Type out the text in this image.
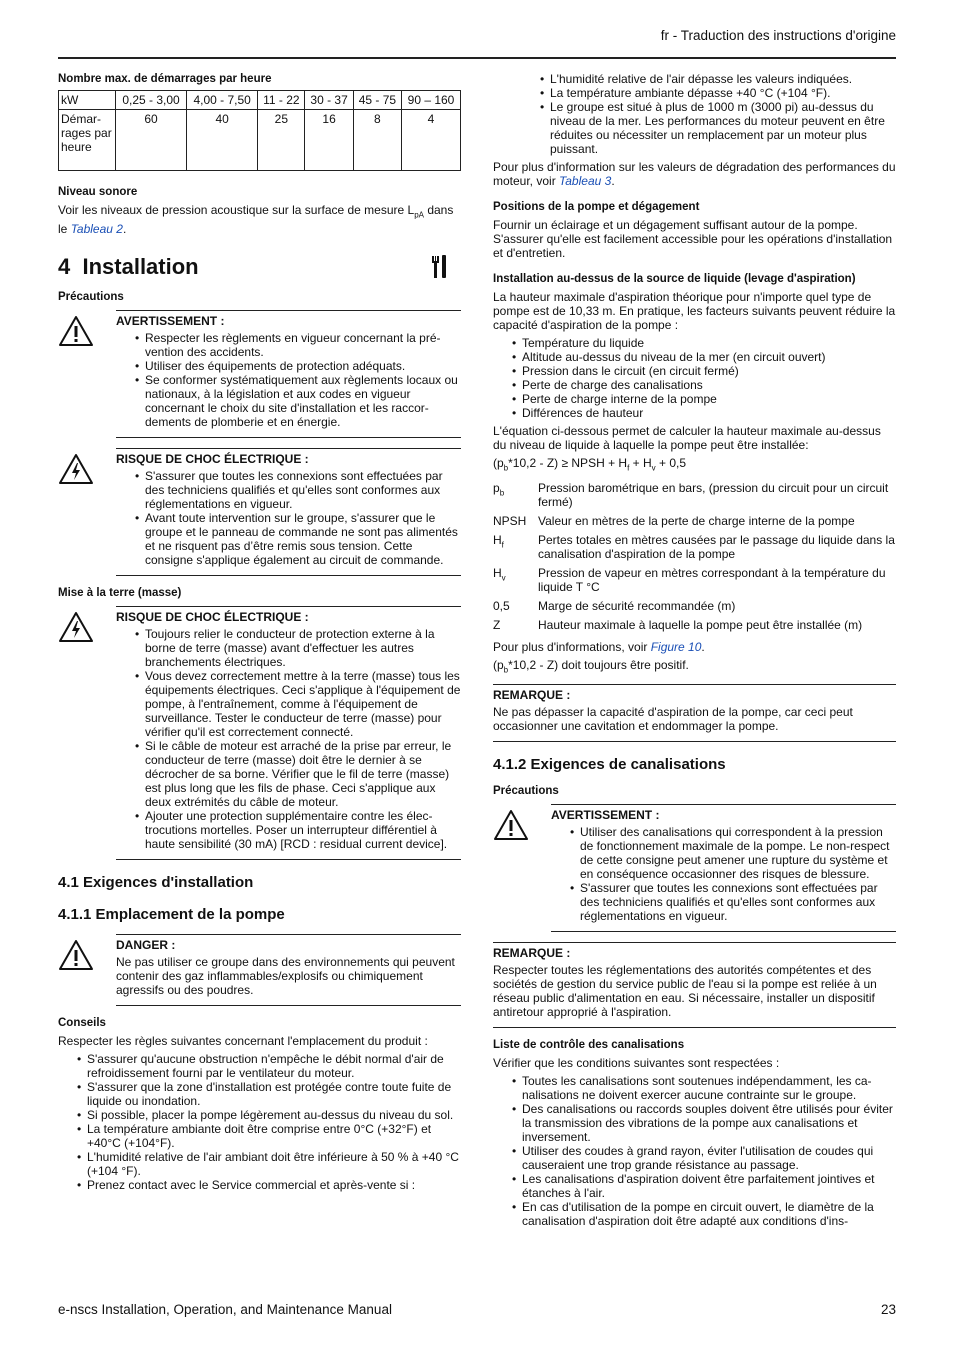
fr - Traduction des instructions d'origine
Nombre max. de démarrages par heure
kW	0,25 - 3,00	4,00 - 7,50	11 - 22	30 - 37	45 - 75	90 – 160
Démarrages par heure	60	40	25	16	8	4
Niveau sonore

Voir les niveaux de pression acoustique sur la surface de mesure $L_{pA}$ dans le Tableau 2.

4 Installation
Précautions
AVERTISSEMENT :
• Respecter les règlements en vigueur concernant la prévention des accidents.
• Utiliser des équipements de protection adéquats.
• Se conformer systématiquement aux règlements locaux ou nationaux, à la législation et aux codes en vigueur concernant le choix du site d'installation et les raccordements de plomberie et en énergie.
RISQUE DE CHOC ÉLECTRIQUE :
• S'assurer que toutes les connexions sont effectuées par des techniciens qualifiés et qu'elles sont conformes aux réglementations en vigueur.
• Avant toute intervention sur le groupe, s'assurer que le groupe et le panneau de commande ne sont pas alimentés et ne risquent pas d’être remis sous tension. Cette consigne s'applique également au circuit de commande.
Mise à la terre (masse)
RISQUE DE CHOC ÉLECTRIQUE :
• Toujours relier le conducteur de protection externe à la borne de terre (masse) avant d'effectuer les autres branchements électriques.
• Vous devez correctement mettre à la terre (masse) tous les équipements électriques. Ceci s'applique à l'équipement de pompe, à l'entraînement, comme à l'équipement de surveillance. Tester le conducteur de terre (masse) pour vérifier qu'il est correctement connecté.
• Si le câble de moteur est arraché de la prise par erreur, le conducteur de terre (masse) doit être le dernier à se décrocher de sa borne. Vérifier que le fil de terre (masse) est plus long que les fils de phase. Ceci s'applique aux deux extrémités du câble de moteur.
• Ajouter une protection supplémentaire contre les électrocutions mortelles. Poser un interrupteur différentiel à haute sensibilité (30 mA) [RCD : residual current device].
4.1 Exigences d'installation
4.1.1 Emplacement de la pompe
DANGER :

Ne pas utiliser ce groupe dans des environnements qui peuvent contenir des gaz inflammables/explosifs ou chimiquement agressifs ou des poudres.

Conseils

Respecter les règles suivantes concernant l'emplacement du produit :

• S'assurer qu'aucune obstruction n'empêche le débit normal d'air de refroidissement fourni par le ventilateur du moteur.
• S'assurer que la zone d'installation est protégée contre toute fuite de liquide ou inondation.
• Si possible, placer la pompe légèrement au-dessus du niveau du sol.
• La température ambiante doit être comprise entre 0°C (+32°F) et +40°C (+104°F).
• L'humidité relative de l'air ambiant doit être inférieure à 50 % à +40 °C (+104 °F).
• Prenez contact avec le Service commercial et après-vente si :
• L'humidité relative de l'air dépasse les valeurs indiquées.
• La température ambiante dépasse +40 °C (+104 °F).
• Le groupe est situé à plus de 1000 m (3000 pi) au-dessus du niveau de la mer. Les performances du moteur peuvent en être réduites ou nécessiter un remplacement par un moteur plus puissant.

Pour plus d'information sur les valeurs de dégradation des performances du moteur, voir Tableau 3.

Positions de la pompe et dégagement

Fournir un éclairage et un dégagement suffisant autour de la pompe. S'assurer qu'elle est facilement accessible pour les opérations d'installation et d'entretien.

Installation au-dessus de la source de liquide (levage d'aspiration)

La hauteur maximale d'aspiration théorique pour n'importe quel type de pompe est de 10,33 m. En pratique, les facteurs suivants peuvent réduire la capacité d'aspiration de la pompe :

• Température du liquide
• Altitude au-dessus du niveau de la mer (en circuit ouvert)
• Pression dans le circuit (en circuit fermé)
• Perte de charge des canalisations
• Perte de charge interne de la pompe
• Différences de hauteur

L'équation ci-dessous permet de calculer la hauteur maximale au-dessus du niveau de liquide à laquelle la pompe peut être installée:

$(p_b*10,2 - Z)$ ≥ NPSH + $H_f + H_v + 0,5$

$p_b$	Pression barométrique en bars, (pression du circuit pour un circuit fermé)
NPSH Valeur en mètres de la perte de charge interne de la pompe
$H_f$	Pertes totales en mètres causées par le passage du liquide dans la canalisation d'aspiration de la pompe
$H_v$	Pression de vapeur en mètres correspondant à la température du liquide T °C
0,5	Marge de sécurité recommandée (m)
Z	Hauteur maximale à laquelle la pompe peut être installée (m)

Pour plus d'informations, voir Figure 10.

$(p_b*10,2 - Z)$ doit toujours être positif.

REMARQUE :

Ne pas dépasser la capacité d'aspiration de la pompe, car ceci peut occasionner une cavitation et endommager la pompe.

4.1.2 Exigences de canalisations
Précautions
AVERTISSEMENT :
• Utiliser des canalisations qui correspondent à la pression de fonctionnement maximale de la pompe. Le non-respect de cette consigne peut amener une rupture du système et en conséquence occasionner des risques de blessure.
• S'assurer que toutes les connexions sont effectuées par des techniciens qualifiés et qu'elles sont conformes aux réglementations en vigueur.
REMARQUE :

Respecter toutes les réglementations des autorités compétentes et des sociétés de gestion du service public de l'eau si la pompe est reliée à un réseau public d'alimentation en eau. Si nécessaire, installer un dispositif antiretour approprié à l'aspiration.

Liste de contrôle des canalisations

Vérifier que les conditions suivantes sont respectées :

• Toutes les canalisations sont soutenues indépendamment, les canalisations ne doivent exercer aucune contrainte sur le groupe.
• Des canalisations ou raccords souples doivent être utilisés pour éviter la transmission des vibrations de la pompe aux canalisations et inversement.
• Utiliser des coudes à grand rayon, éviter l'utilisation de coudes qui causeraient une trop grande résistance au passage.
• Les canalisations d'aspiration doivent être parfaitement jointives et étanches à l'air.
• En cas d'utilisation de la pompe en circuit ouvert, le diamètre de la canalisation d'aspiration doit être adapté aux conditions d'ins-
e-nscs Installation, Operation, and Maintenance Manual	23
